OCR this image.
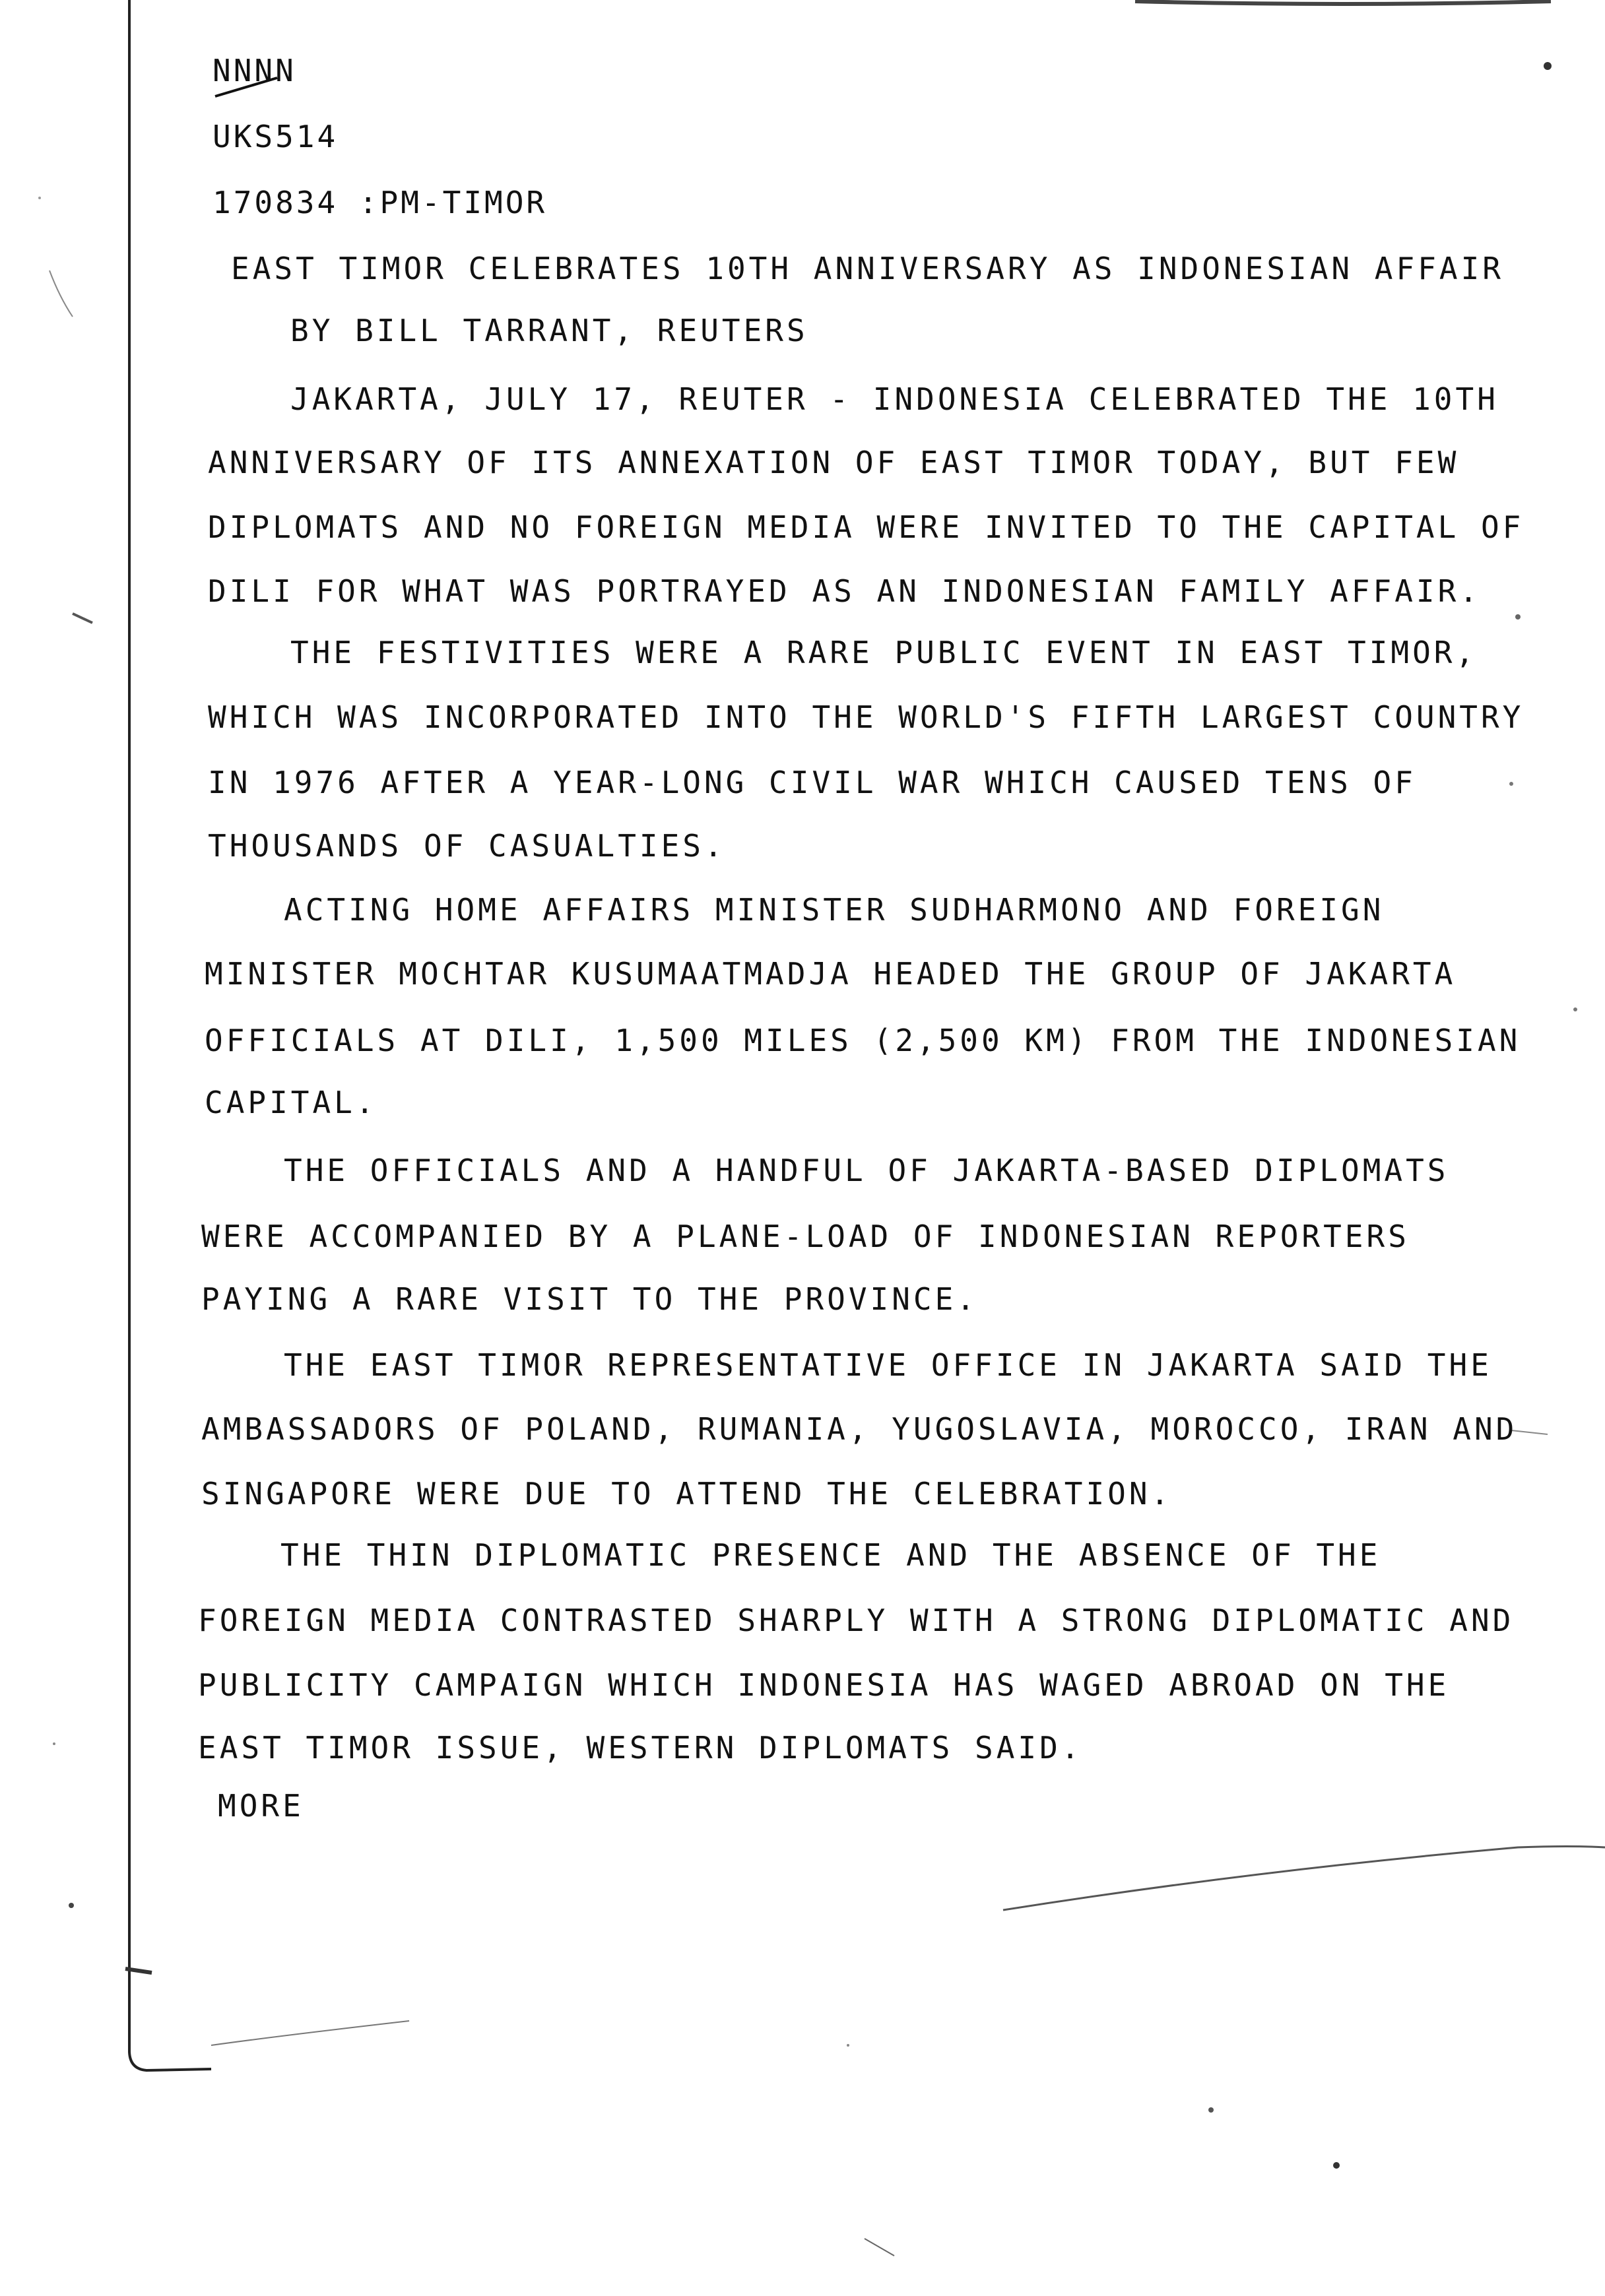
NNNN
UKS514
170834 :PM-TIMOR
EAST TIMOR CELEBRATES 10TH ANNIVERSARY AS INDONESIAN AFFAIR
BY BILL TARRANT, REUTERS
JAKARTA, JULY 17, REUTER - INDONESIA CELEBRATED THE 10TH
ANNIVERSARY OF ITS ANNEXATION OF EAST TIMOR TODAY, BUT FEW
DIPLOMATS AND NO FOREIGN MEDIA WERE INVITED TO THE CAPITAL OF
DILI FOR WHAT WAS PORTRAYED AS AN INDONESIAN FAMILY AFFAIR.
THE FESTIVITIES WERE A RARE PUBLIC EVENT IN EAST TIMOR,
WHICH WAS INCORPORATED INTO THE WORLD'S FIFTH LARGEST COUNTRY
IN 1976 AFTER A YEAR-LONG CIVIL WAR WHICH CAUSED TENS OF
THOUSANDS OF CASUALTIES.
ACTING HOME AFFAIRS MINISTER SUDHARMONO AND FOREIGN
MINISTER MOCHTAR KUSUMAATMADJA HEADED THE GROUP OF JAKARTA
OFFICIALS AT DILI, 1,500 MILES (2,500 KM) FROM THE INDONESIAN
CAPITAL.
THE OFFICIALS AND A HANDFUL OF JAKARTA-BASED DIPLOMATS
WERE ACCOMPANIED BY A PLANE-LOAD OF INDONESIAN REPORTERS
PAYING A RARE VISIT TO THE PROVINCE.
THE EAST TIMOR REPRESENTATIVE OFFICE IN JAKARTA SAID THE
AMBASSADORS OF POLAND, RUMANIA, YUGOSLAVIA, MOROCCO, IRAN AND
SINGAPORE WERE DUE TO ATTEND THE CELEBRATION.
THE THIN DIPLOMATIC PRESENCE AND THE ABSENCE OF THE
FOREIGN MEDIA CONTRASTED SHARPLY WITH A STRONG DIPLOMATIC AND
PUBLICITY CAMPAIGN WHICH INDONESIA HAS WAGED ABROAD ON THE
EAST TIMOR ISSUE, WESTERN DIPLOMATS SAID.
MORE
